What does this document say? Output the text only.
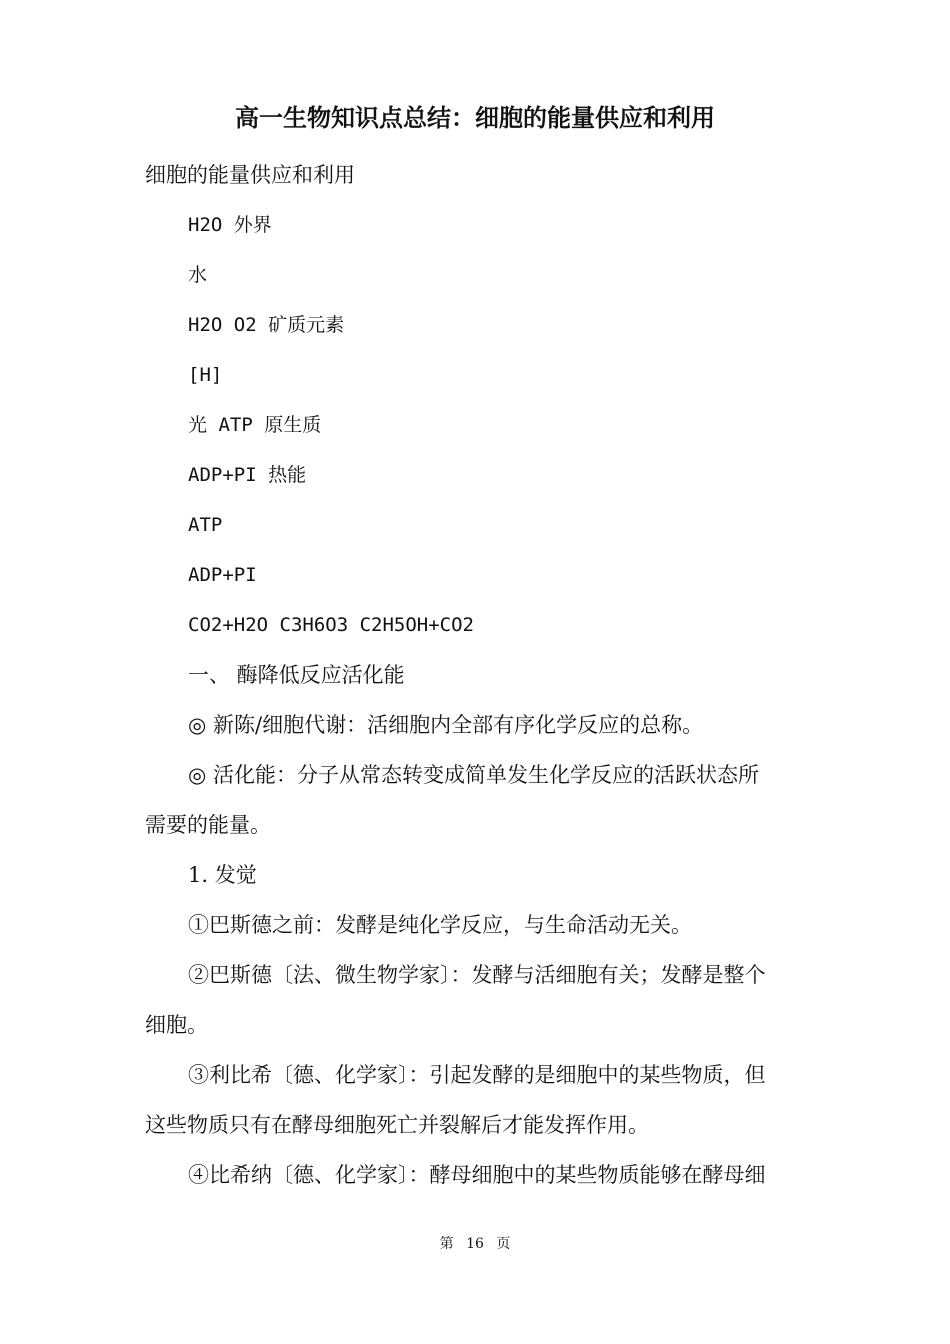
高一生物知识点总结：细胞的能量供应和利用
细胞的能量供应和利用
H2O 外界
水
H2O O2 矿质元素
[H]
光 ATP 原生质
ADP+PI 热能
ATP
ADP+PI
CO2+H2O C3H6O3 C2H5OH+CO2
一、 酶降低反应活化能
◎ 新陈/细胞代谢：活细胞内全部有序化学反应的总称。
◎ 活化能：分子从常态转变成简单发生化学反应的活跃状态所
需要的能量。
1. 发觉
①巴斯德之前：发酵是纯化学反应，与生命活动无关。
②巴斯德〔法、微生物学家〕：发酵与活细胞有关；发酵是整个
细胞。
③利比希〔德、化学家〕：引起发酵的是细胞中的某些物质，但
这些物质只有在酵母细胞死亡并裂解后才能发挥作用。
④比希纳〔德、化学家〕：酵母细胞中的某些物质能够在酵母细
第 16 页
